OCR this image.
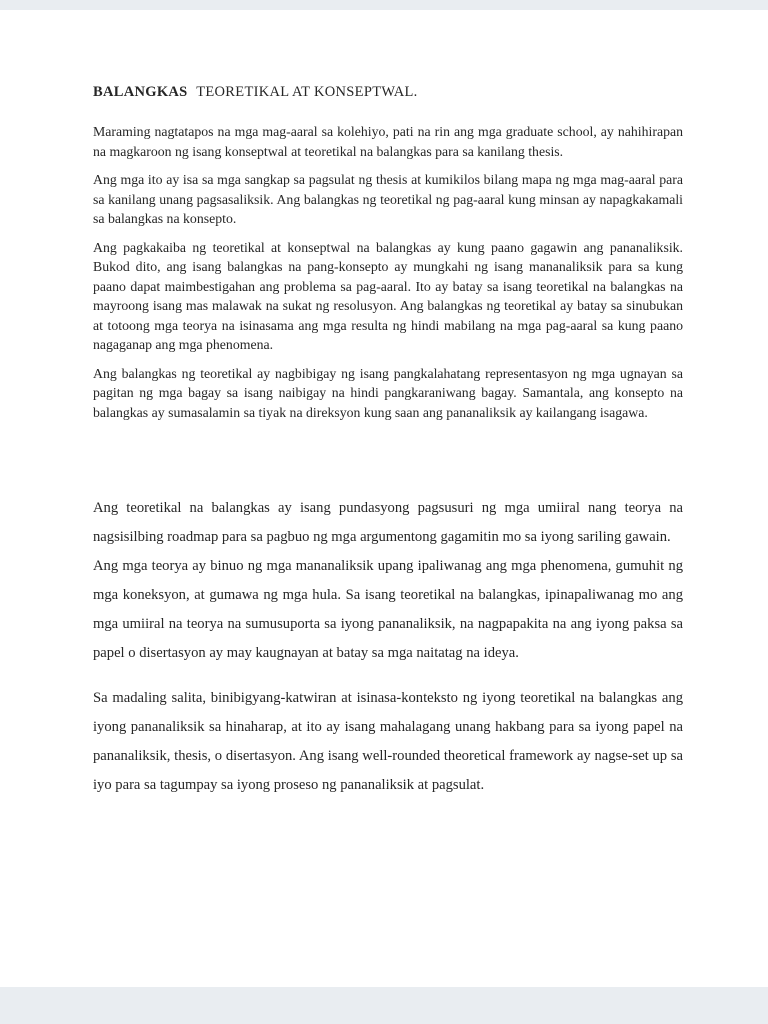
BALANGKAS TEORETIKAL AT KONSEPTWAL.

Maraming nagtatapos na mga mag-aaral sa kolehiyo, pati na rin ang mga graduate school, ay nahihirapan na magkaroon ng isang konseptwal at teoretikal na balangkas para sa kanilang thesis.

Ang mga ito ay isa sa mga sangkap sa pagsulat ng thesis at kumikilos bilang mapa ng mga mag-aaral para sa kanilang unang pagsasaliksik. Ang balangkas ng teoretikal ng pag-aaral kung minsan ay napagkakamali sa balangkas na konsepto.

Ang pagkakaiba ng teoretikal at konseptwal na balangkas ay kung paano gagawin ang pananaliksik. Bukod dito, ang isang balangkas na pang-konsepto ay mungkahi ng isang mananaliksik para sa kung paano dapat maimbestigahan ang problema sa pag-aaral. Ito ay batay sa isang teoretikal na balangkas na mayroong isang mas malawak na sukat ng resolusyon. Ang balangkas ng teoretikal ay batay sa sinubukan at totoong mga teorya na isinasama ang mga resulta ng hindi mabilang na mga pag-aaral sa kung paano nagaganap ang mga phenomena.

Ang balangkas ng teoretikal ay nagbibigay ng isang pangkalahatang representasyon ng mga ugnayan sa pagitan ng mga bagay sa isang naibigay na hindi pangkaraniwang bagay. Samantala, ang konsepto na balangkas ay sumasalamin sa tiyak na direksyon kung saan ang pananaliksik ay kailangang isagawa.

Ang teoretikal na balangkas ay isang pundasyong pagsusuri ng mga umiiral nang teorya na nagsisilbing roadmap para sa pagbuo ng mga argumentong gagamitin mo sa iyong sariling gawain.

Ang mga teorya ay binuo ng mga mananaliksik upang ipaliwanag ang mga phenomena, gumuhit ng mga koneksyon, at gumawa ng mga hula. Sa isang teoretikal na balangkas, ipinapaliwanag mo ang mga umiiral na teorya na sumusuporta sa iyong pananaliksik, na nagpapakita na ang iyong paksa sa papel o disertasyon ay may kaugnayan at batay sa mga naitatag na ideya.

Sa madaling salita, binibigyang-katwiran at isinasa-konteksto ng iyong teoretikal na balangkas ang iyong pananaliksik sa hinaharap, at ito ay isang mahalagang unang hakbang para sa iyong papel na pananaliksik, thesis, o disertasyon. Ang isang well-rounded theoretical framework ay nagse-set up sa iyo para sa tagumpay sa iyong proseso ng pananaliksik at pagsulat.
